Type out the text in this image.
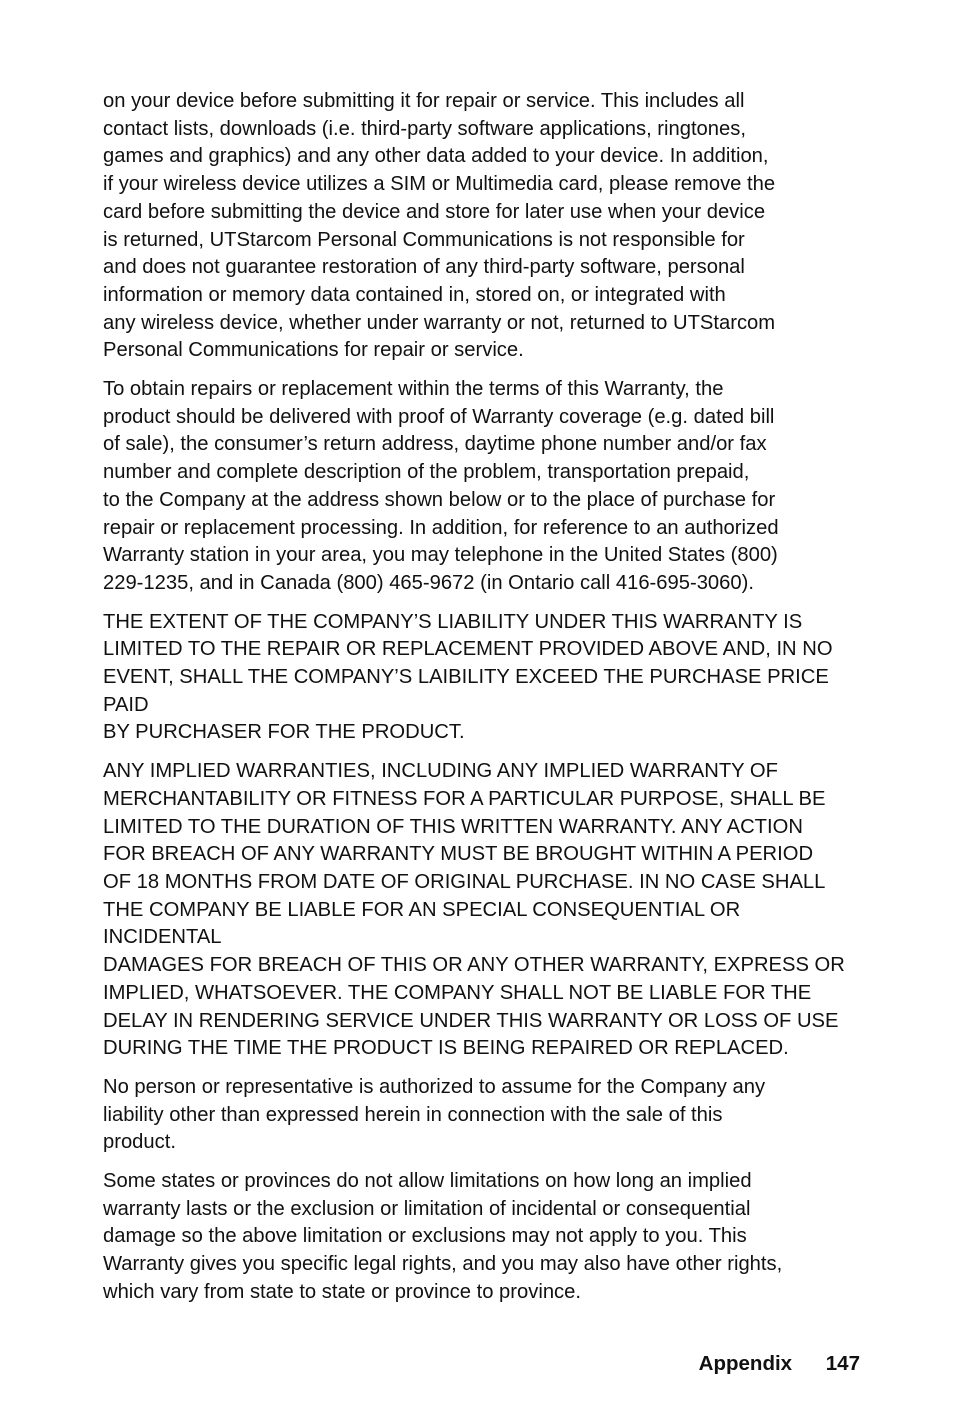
on your device before submitting it for repair or service. This includes all
contact lists, downloads (i.e. third-party software applications, ringtones,
games and graphics) and any other data added to your device. In addition,
if your wireless device utilizes a SIM or Multimedia card, please remove the
card before submitting the device and store for later use when your device
is returned, UTStarcom Personal Communications is not responsible for
and does not guarantee restoration of any third-party software, personal
information or memory data contained in, stored on, or integrated with
any wireless device, whether under warranty or not, returned to UTStarcom
Personal Communications for repair or service.

To obtain repairs or replacement within the terms of this Warranty, the
product should be delivered with proof of Warranty coverage (e.g. dated bill
of sale), the consumer’s return address, daytime phone number and/or fax
number and complete description of the problem, transportation prepaid,
to the Company at the address shown below or to the place of purchase for
repair or replacement processing. In addition, for reference to an authorized
Warranty station in your area, you may telephone in the United States (800)
229-1235, and in Canada (800) 465-9672 (in Ontario call 416-695-3060).

THE EXTENT OF THE COMPANY’S LIABILITY UNDER THIS WARRANTY IS
LIMITED TO THE REPAIR OR REPLACEMENT PROVIDED ABOVE AND, IN NO
EVENT, SHALL THE COMPANY’S LAIBILITY EXCEED THE PURCHASE PRICE PAID
BY PURCHASER FOR THE PRODUCT.

ANY IMPLIED WARRANTIES, INCLUDING ANY IMPLIED WARRANTY OF
MERCHANTABILITY OR FITNESS FOR A PARTICULAR PURPOSE, SHALL BE
LIMITED TO THE DURATION OF THIS WRITTEN WARRANTY. ANY ACTION
FOR BREACH OF ANY WARRANTY MUST BE BROUGHT WITHIN A PERIOD
OF 18 MONTHS FROM DATE OF ORIGINAL PURCHASE. IN NO CASE SHALL
THE COMPANY BE LIABLE FOR AN SPECIAL CONSEQUENTIAL OR INCIDENTAL
DAMAGES FOR BREACH OF THIS OR ANY OTHER WARRANTY, EXPRESS OR
IMPLIED, WHATSOEVER. THE COMPANY SHALL NOT BE LIABLE FOR THE
DELAY IN RENDERING SERVICE UNDER THIS WARRANTY OR LOSS OF USE
DURING THE TIME THE PRODUCT IS BEING REPAIRED OR REPLACED.

No person or representative is authorized to assume for the Company any
liability other than expressed herein in connection with the sale of this
product.

Some states or provinces do not allow limitations on how long an implied
warranty lasts or the exclusion or limitation of incidental or consequential
damage so the above limitation or exclusions may not apply to you. This
Warranty gives you specific legal rights, and you may also have other rights,
which vary from state to state or province to province.

Appendix 147
